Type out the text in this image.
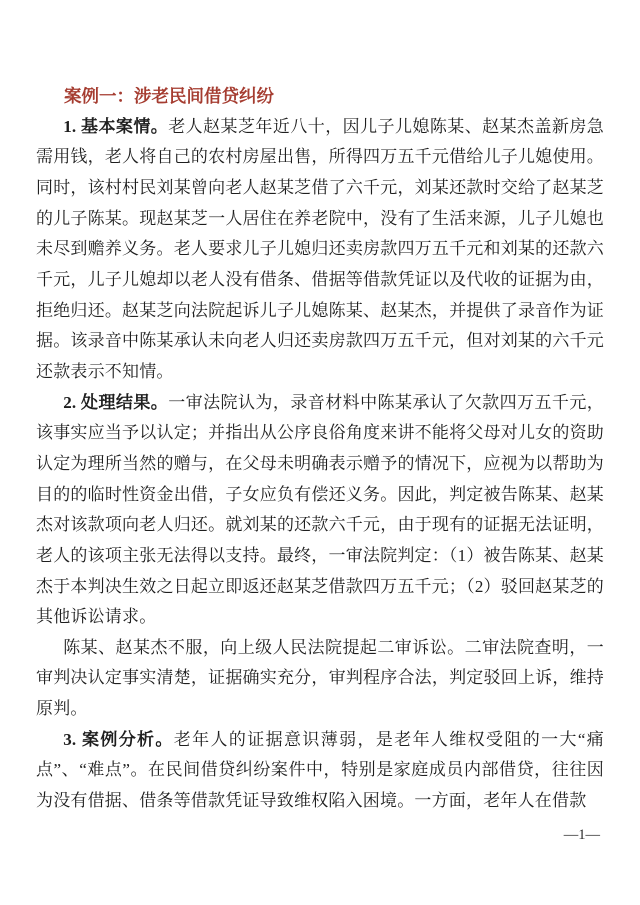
案例一：涉老民间借贷纠纷

1. 基本案情。老人赵某芝年近八十，因儿子儿媳陈某、赵某杰盖新房急需用钱，老人将自己的农村房屋出售，所得四万五千元借给儿子儿媳使用。同时，该村村民刘某曾向老人赵某芝借了六千元，刘某还款时交给了赵某芝的儿子陈某。现赵某芝一人居住在养老院中，没有了生活来源，儿子儿媳也未尽到赡养义务。老人要求儿子儿媳归还卖房款四万五千元和刘某的还款六千元，儿子儿媳却以老人没有借条、借据等借款凭证以及代收的证据为由，拒绝归还。赵某芝向法院起诉儿子儿媳陈某、赵某杰，并提供了录音作为证据。该录音中陈某承认未向老人归还卖房款四万五千元，但对刘某的六千元还款表示不知情。

2. 处理结果。一审法院认为，录音材料中陈某承认了欠款四万五千元，该事实应当予以认定；并指出从公序良俗角度来讲不能将父母对儿女的资助认定为理所当然的赠与，在父母未明确表示赠予的情况下，应视为以帮助为目的的临时性资金出借，子女应负有偿还义务。因此，判定被告陈某、赵某杰对该款项向老人归还。就刘某的还款六千元，由于现有的证据无法证明，老人的该项主张无法得以支持。最终，一审法院判定：（1）被告陈某、赵某杰于本判决生效之日起立即返还赵某芝借款四万五千元；（2）驳回赵某芝的其他诉讼请求。

陈某、赵某杰不服，向上级人民法院提起二审诉讼。二审法院查明，一审判决认定事实清楚，证据确实充分，审判程序合法，判定驳回上诉，维持原判。

3. 案例分析。老年人的证据意识薄弱，是老年人维权受阻的一大“痛点”、“难点”。在民间借贷纠纷案件中，特别是家庭成员内部借贷，往往因为没有借据、借条等借款凭证导致维权陷入困境。一方面，老年人在借款

—1—
